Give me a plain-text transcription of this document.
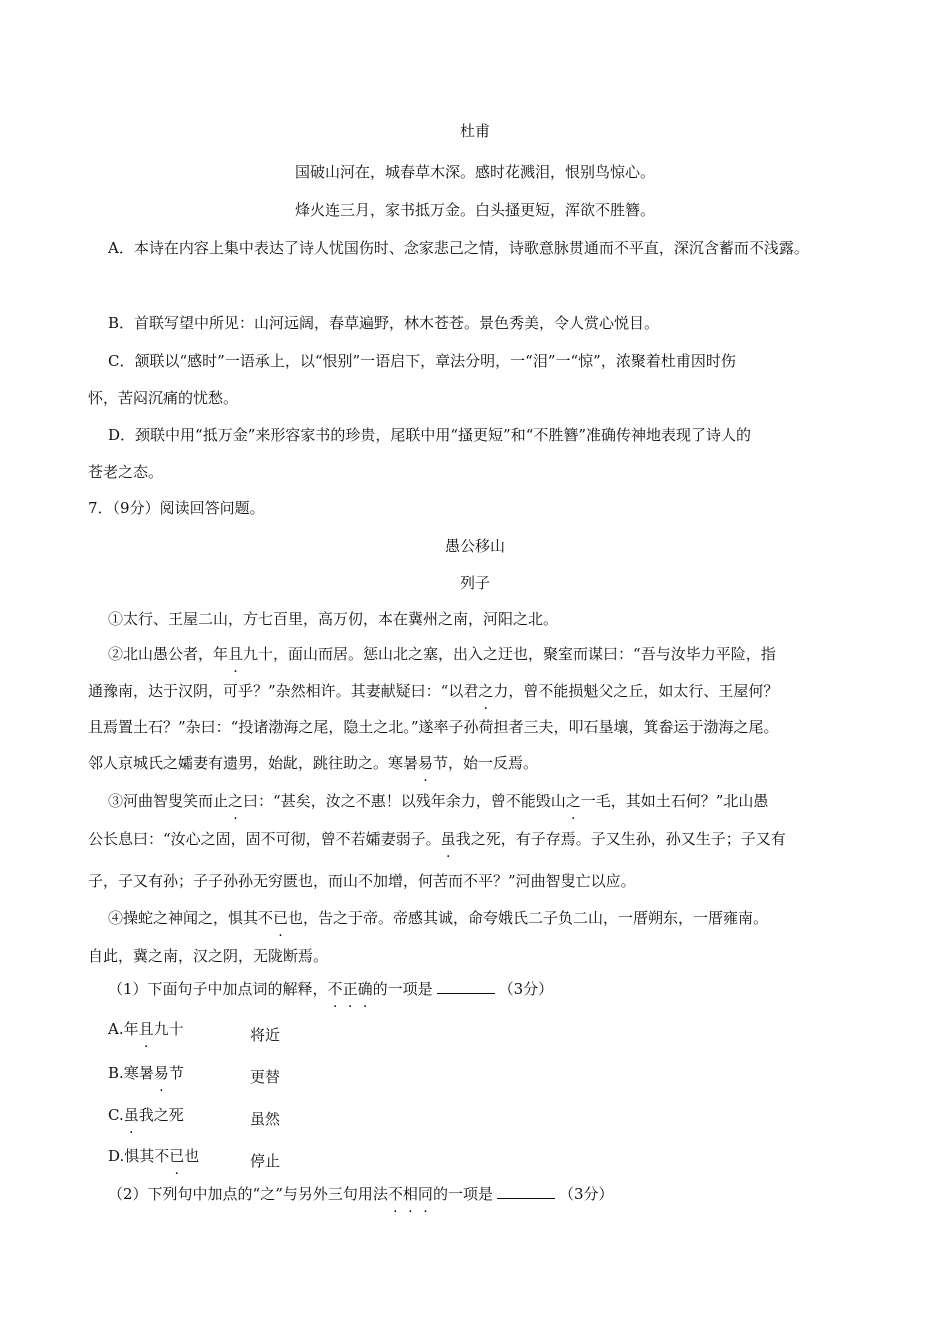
杜甫
国破山河在，城春草木深。感时花溅泪，恨别鸟惊心。
烽火连三月，家书抵万金。白头搔更短，浑欲不胜簪。
A．本诗在内容上集中表达了诗人忧国伤时、念家悲己之情，诗歌意脉贯通而不平直，深沉含蓄而不浅露。
B．首联写望中所见：山河远阔，春草遍野，林木苍苍。景色秀美，令人赏心悦目。
C．颔联以“感时”一语承上，以“恨别”一语启下，章法分明，一“泪”一“惊”，浓聚着杜甫因时伤
怀，苦闷沉痛的忧愁。
D．颈联中用“抵万金”来形容家书的珍贵，尾联中用“搔更短”和“不胜簪”准确传神地表现了诗人的
苍老之态。
7．（9分）阅读回答问题。
愚公移山
列子
①太行、王屋二山，方七百里，高万仞，本在冀州之南，河阳之北。
②北山愚公者，年且九十，面山而居。惩山北之塞，出入之迂也，聚室而谋曰：“吾与汝毕力平险，指
通豫南，达于汉阴，可乎？”杂然相许。其妻献疑曰：“以君之力，曾不能损魁父之丘，如太行、王屋何？
且焉置土石？”杂曰：“投诸渤海之尾，隐土之北。”遂率子孙荷担者三夫，叩石垦壤，箕畚运于渤海之尾。
邻人京城氏之孀妻有遗男，始龀，跳往助之。寒暑易节，始一反焉。
③河曲智叟笑而止之曰：“甚矣，汝之不惠！以残年余力，曾不能毁山之一毛，其如土石何？”北山愚
公长息曰：“汝心之固，固不可彻，曾不若孀妻弱子。虽我之死，有子存焉。子又生孙，孙又生子；子又有
子，子又有孙；子子孙孙无穷匮也，而山不加增，何苦而不平？”河曲智叟亡以应。
④操蛇之神闻之，惧其不已也，告之于帝。帝感其诚，命夸娥氏二子负二山，一厝朔东，一厝雍南。
自此，冀之南，汉之阴，无陇断焉。
（1）下面句子中加点词的解释，不正确的一项是	（3分）
A.年且九十	将近
B.寒暑易节	更替
C.虽我之死	虽然
D.惧其不已也	停止
（2）下列句中加点的“之”与另外三句用法不相同的一项是	（3分）
